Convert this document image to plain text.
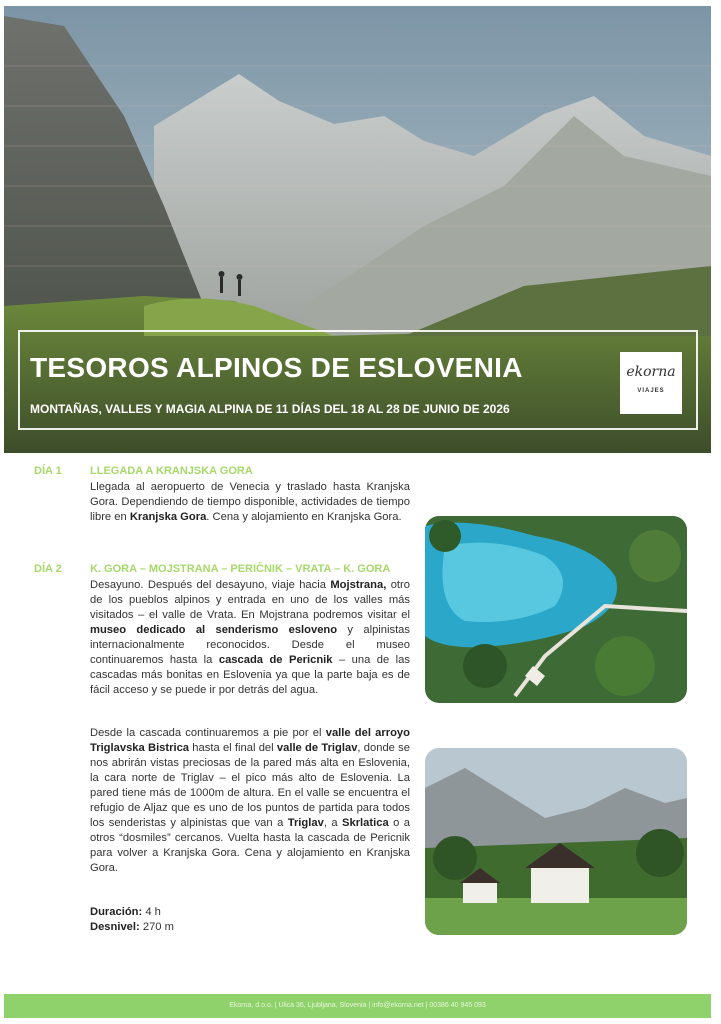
TESOROS ALPINOS DE ESLOVENIA

MONTAÑAS, VALLES Y MAGIA ALPINA DE 11 DÍAS DEL 18 AL 28 DE JUNIO DE 2026

ekorna
VIAJES
DÍA 1	LLEGADA A KRANJSKA GORA

Llegada al aeropuerto de Venecia y traslado hasta Kranjska Gora. Dependiendo de tiempo disponible, actividades de tiempo libre en Kranjska Gora. Cena y alojamiento en Kranjska Gora.

DÍA 2	K. GORA – MOJSTRANA – PERIČNIK – VRATA – K. GORA

Desayuno. Después del desayuno, viaje hacia Mojstrana, otro de los pueblos alpinos y entrada en uno de los valles más visitados – el valle de Vrata. En Mojstrana podremos visitar el museo dedicado al senderismo esloveno y alpinistas internacionalmente reconocidos. Desde el museo continuaremos hasta la cascada de Pericnik – una de las cascadas más bonitas en Eslovenia ya que la parte baja es de fácil acceso y se puede ir por detrás del agua.

Desde la cascada continuaremos a pie por el valle del arroyo Triglavska Bistrica hasta el final del valle de Triglav, donde se nos abrirán vistas preciosas de la pared más alta en Eslovenia, la cara norte de Triglav – el pico más alto de Eslovenia. La pared tiene más de 1000m de altura. En el valle se encuentra el refugio de Aljaz que es uno de los puntos de partida para todos los senderistas y alpinistas que van a Triglav, a Skrlatica o a otros “dosmiles” cercanos. Vuelta hasta la cascada de Pericnik para volver a Kranjska Gora. Cena y alojamiento en Kranjska Gora.

Duración: 4 h
Desnivel: 270 m
Ekorna, d.o.o. | Ulica 36, Ljubljana, Slovenia | info@ekorna.net | 00386 40 945 093
